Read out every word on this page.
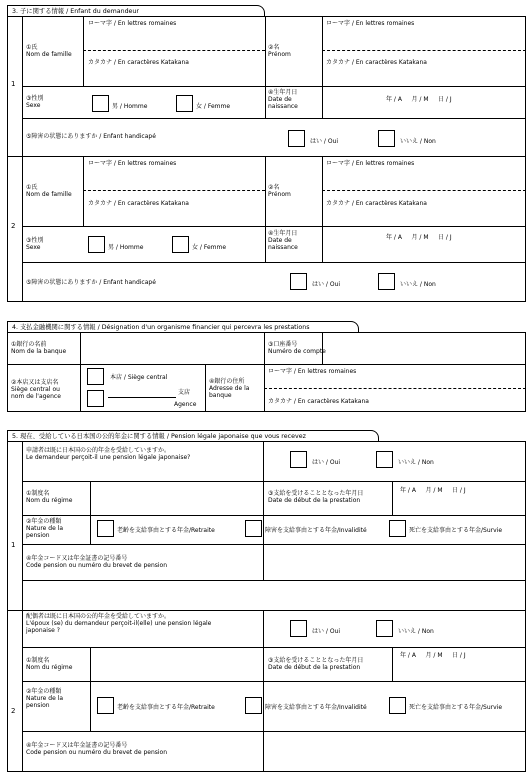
3. 子に関する情報 / Enfant du demandeur
1
①氏
Nom de famille
ローマ字 / En lettres romaines
カタカナ / En caractères Katakana
②名
Prénom
ローマ字 / En lettres romaines
カタカナ / En caractères Katakana
③性別
Sexe	男 / Homme	女 / Femme
④生年月日
Date de
naissance
年 / A     月 / M     日 / J
⑤障害の状態にありますか / Enfant handicapé
はい / Oui	いいえ / Non
2
①氏
Nom de famille
ローマ字 / En lettres romaines
カタカナ / En caractères Katakana
②名
Prénom
ローマ字 / En lettres romaines
カタカナ / En caractères Katakana
③性別
Sexe	男 / Homme	女 / Femme
④生年月日
Date de
naissance
年 / A     月 / M     日 / J
⑤障害の状態にありますか / Enfant handicapé	はい / Oui	いいえ / Non
4. 支払金融機関に関する情報 / Désignation d'un organisme financier qui percevra les prestations
①銀行の名前
Nom de la banque
③口座番号
Numéro de compte
②本店又は支店名
Siège central ou
nom de l'agence
本店 / Siège central
支店
Agence
④銀行の住所
Adresse de la
banque
ローマ字 / En lettres romaines
カタカナ / En caractères Katakana
5. 現在、受給している日本国の公的年金に関する情報 / Pension légale japonaise que vous recevez
1
申請者は既に日本国の公的年金を受給していますか。
Le demandeur perçoit-il une pension légale japonaise?
はい / Oui	いいえ / Non
①制度名
Nom du régime
③支給を受けることとなった年月日
Date de début de la prestation
年 / A     月 / M     日 / J
②年金の種類
Nature de la
pension
老齢を支給事由とする年金/Retraite	障害を支給事由とする年金/Invalidité	死亡を支給事由とする年金/Survie
④年金コード又は年金証書の記号番号
Code pension ou numéro du brevet de pension
2
配偶者は既に日本国の公的年金を受給していますか。
L'époux (se) du demandeur perçoit-il(elle) une pension légale
japonaise ?	はい / Oui	いいえ / Non
①制度名
Nom du régime
③支給を受けることとなった年月日
Date de début de la prestation
年 / A     月 / M     日 / J
②年金の種類
Nature de la
pension	老齢を支給事由とする年金/Retraite	障害を支給事由とする年金/Invalidité	死亡を支給事由とする年金/Survie
④年金コード又は年金証書の記号番号
Code pension ou numéro du brevet de pension
